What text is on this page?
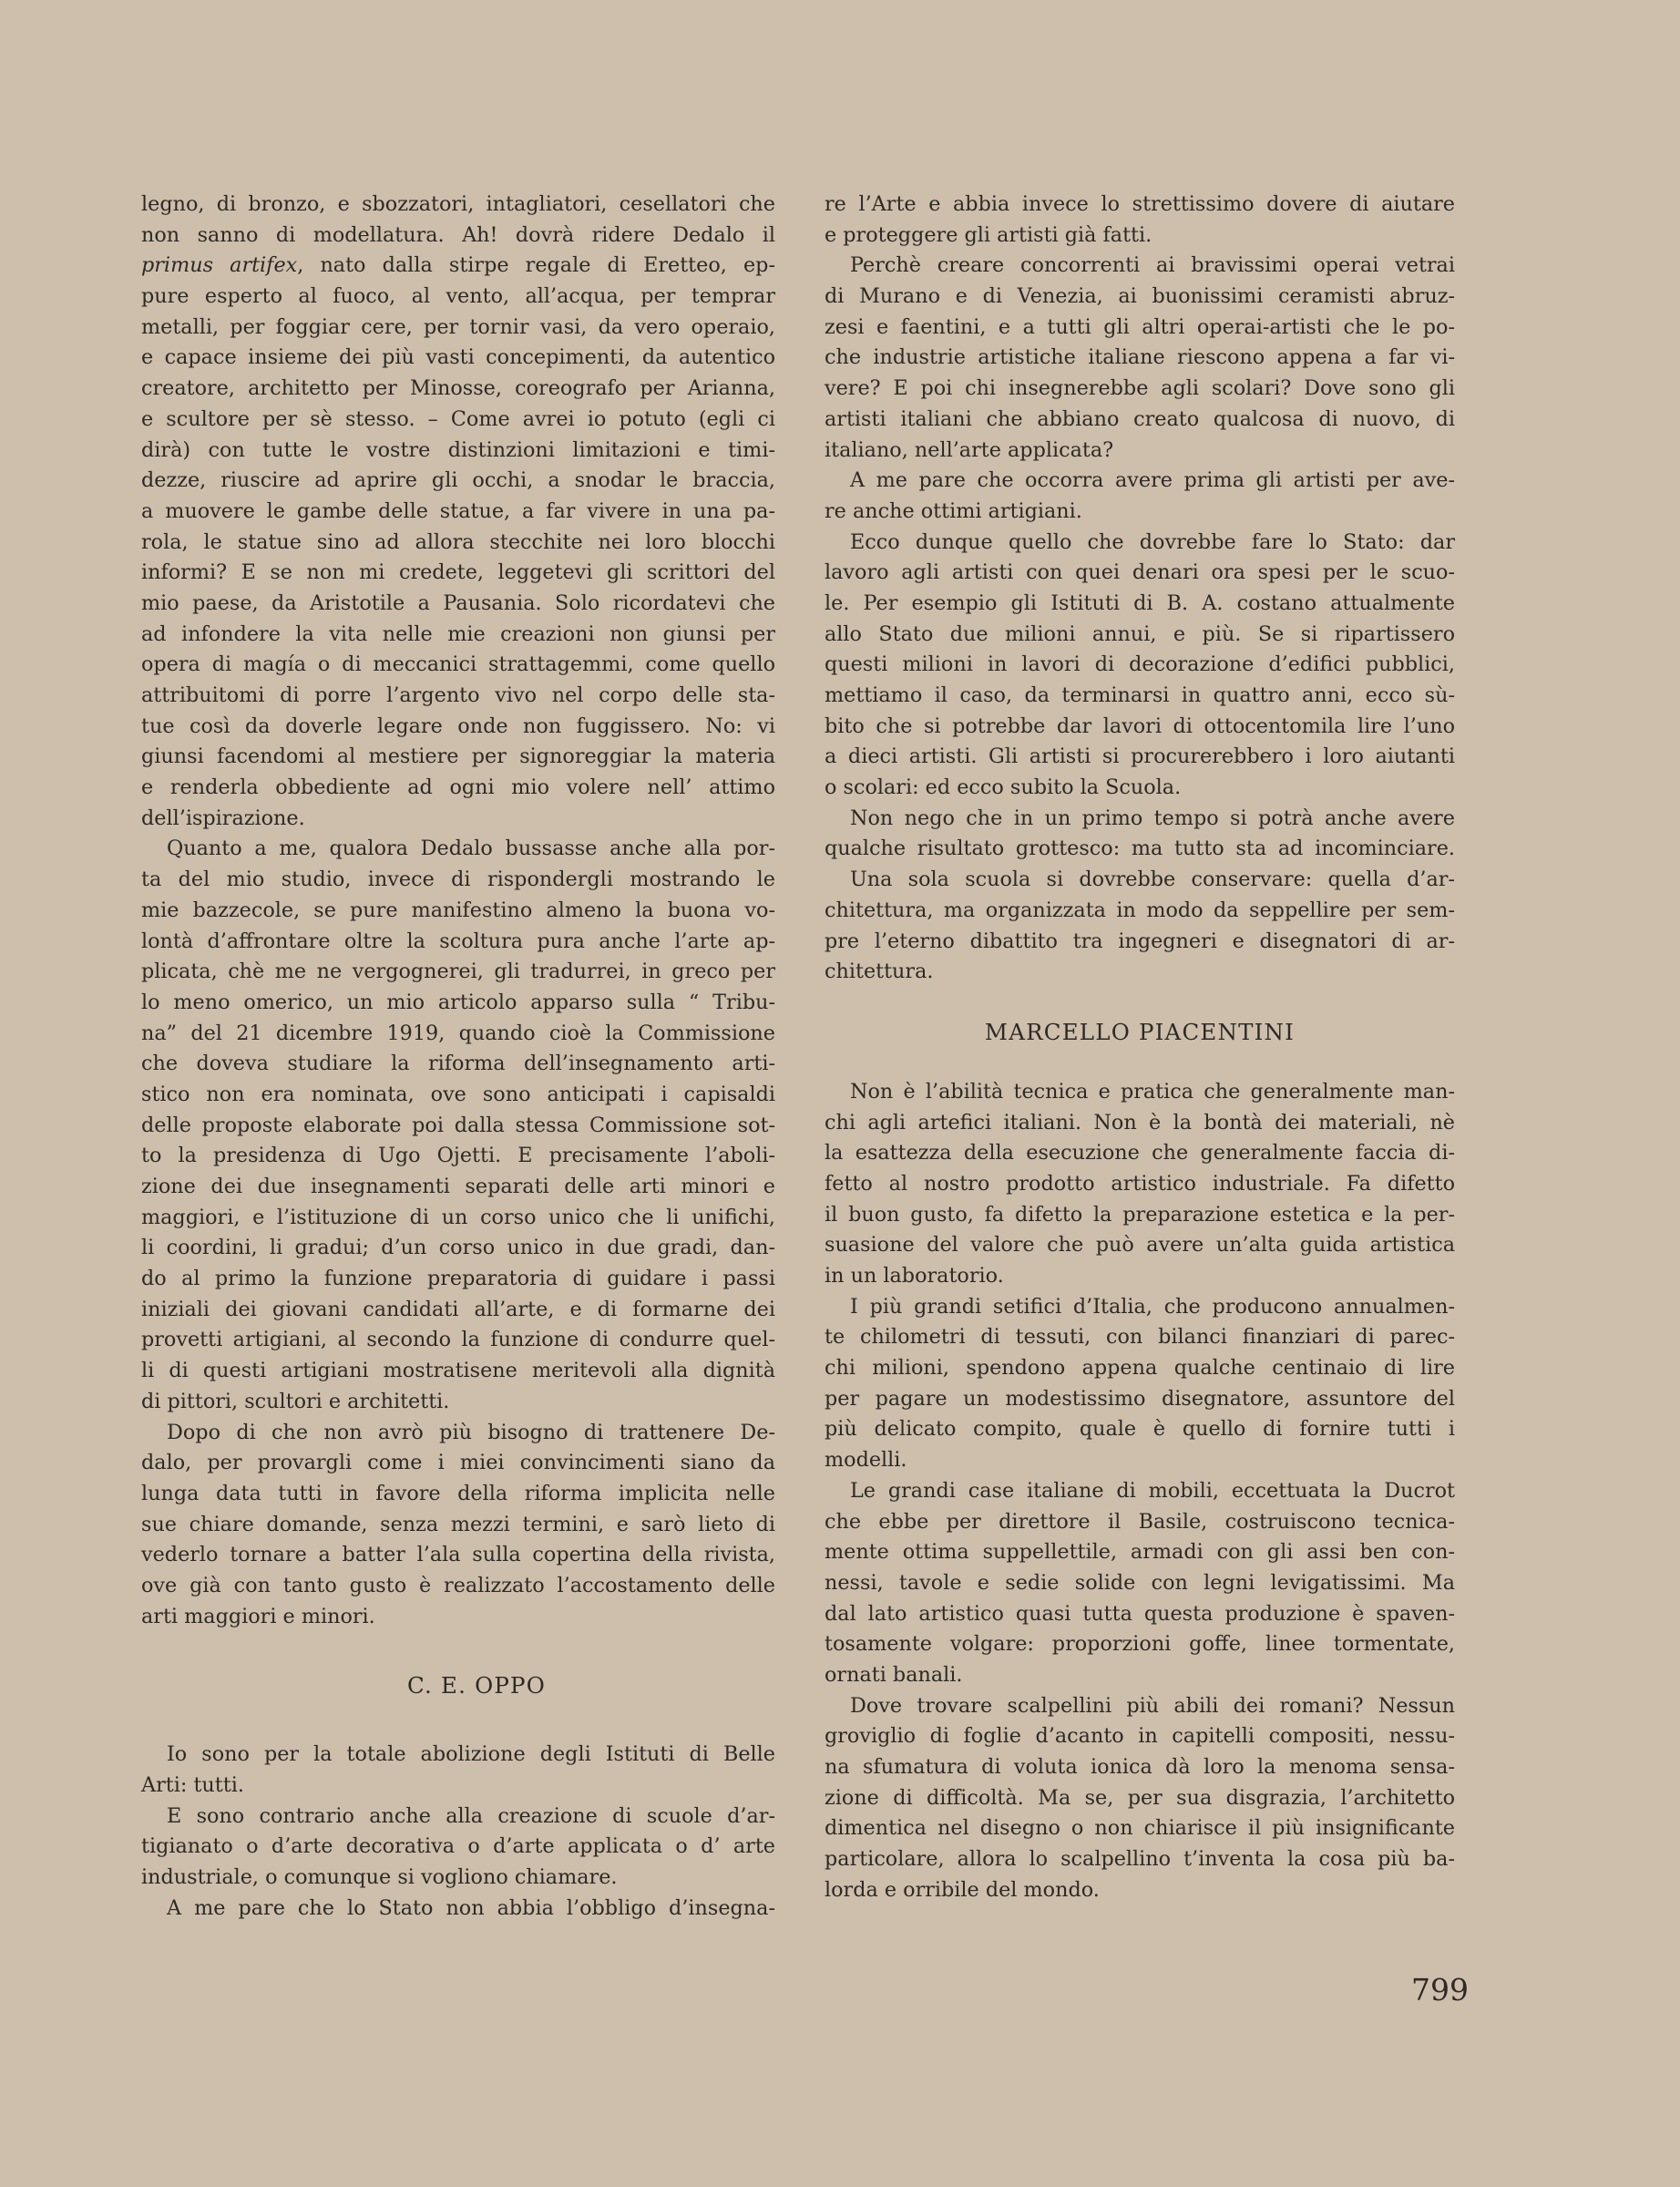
legno, di bronzo, e sbozzatori, intagliatori, cesellatori che
non sanno di modellatura. Ah! dovrà ridere Dedalo il
primus artifex, nato dalla stirpe regale di Eretteo, ep-
pure esperto al fuoco, al vento, all’acqua, per temprar
metalli, per foggiar cere, per tornir vasi, da vero operaio,
e capace insieme dei più vasti concepimenti, da autentico
creatore, architetto per Minosse, coreografo per Arianna,
e scultore per sè stesso. – Come avrei io potuto (egli ci
dirà) con tutte le vostre distinzioni limitazioni e timi-
dezze, riuscire ad aprire gli occhi, a snodar le braccia,
a muovere le gambe delle statue, a far vivere in una pa-
rola, le statue sino ad allora stecchite nei loro blocchi
informi? E se non mi credete, leggetevi gli scrittori del
mio paese, da Aristotile a Pausania. Solo ricordatevi che
ad infondere la vita nelle mie creazioni non giunsi per
opera di magía o di meccanici strattagemmi, come quello
attribuitomi di porre l’argento vivo nel corpo delle sta-
tue così da doverle legare onde non fuggissero. No: vi
giunsi facendomi al mestiere per signoreggiar la materia
e renderla obbediente ad ogni mio volere nell’ attimo
dell’ispirazione.
Quanto a me, qualora Dedalo bussasse anche alla por-
ta del mio studio, invece di rispondergli mostrando le
mie bazzecole, se pure manifestino almeno la buona vo-
lontà d’affrontare oltre la scoltura pura anche l’arte ap-
plicata, chè me ne vergognerei, gli tradurrei, in greco per
lo meno omerico, un mio articolo apparso sulla “ Tribu-
na” del 21 dicembre 1919, quando cioè la Commissione
che doveva studiare la riforma dell’insegnamento arti-
stico non era nominata, ove sono anticipati i capisaldi
delle proposte elaborate poi dalla stessa Commissione sot-
to la presidenza di Ugo Ojetti. E precisamente l’aboli-
zione dei due insegnamenti separati delle arti minori e
maggiori, e l’istituzione di un corso unico che li unifichi,
li coordini, li gradui; d’un corso unico in due gradi, dan-
do al primo la funzione preparatoria di guidare i passi
iniziali dei giovani candidati all’arte, e di formarne dei
provetti artigiani, al secondo la funzione di condurre quel-
li di questi artigiani mostratisene meritevoli alla dignità
di pittori, scultori e architetti.
Dopo di che non avrò più bisogno di trattenere De-
dalo, per provargli come i miei convincimenti siano da
lunga data tutti in favore della riforma implicita nelle
sue chiare domande, senza mezzi termini, e sarò lieto di
vederlo tornare a batter l’ala sulla copertina della rivista,
ove già con tanto gusto è realizzato l’accostamento delle
arti maggiori e minori.
C. E. OPPO
Io sono per la totale abolizione degli Istituti di Belle
Arti: tutti.
E sono contrario anche alla creazione di scuole d’ar-
tigianato o d’arte decorativa o d’arte applicata o d’ arte
industriale, o comunque si vogliono chiamare.
A me pare che lo Stato non abbia l’obbligo d’insegna-
re l’Arte e abbia invece lo strettissimo dovere di aiutare
e proteggere gli artisti già fatti.
Perchè creare concorrenti ai bravissimi operai vetrai
di Murano e di Venezia, ai buonissimi ceramisti abruz-
zesi e faentini, e a tutti gli altri operai-artisti che le po-
che industrie artistiche italiane riescono appena a far vi-
vere? E poi chi insegnerebbe agli scolari? Dove sono gli
artisti italiani che abbiano creato qualcosa di nuovo, di
italiano, nell’arte applicata?
A me pare che occorra avere prima gli artisti per ave-
re anche ottimi artigiani.
Ecco dunque quello che dovrebbe fare lo Stato: dar
lavoro agli artisti con quei denari ora spesi per le scuo-
le. Per esempio gli Istituti di B. A. costano attualmente
allo Stato due milioni annui, e più. Se si ripartissero
questi milioni in lavori di decorazione d’edifici pubblici,
mettiamo il caso, da terminarsi in quattro anni, ecco sù-
bito che si potrebbe dar lavori di ottocentomila lire l’uno
a dieci artisti. Gli artisti si procurerebbero i loro aiutanti
o scolari: ed ecco subito la Scuola.
Non nego che in un primo tempo si potrà anche avere
qualche risultato grottesco: ma tutto sta ad incominciare.
Una sola scuola si dovrebbe conservare: quella d’ar-
chitettura, ma organizzata in modo da seppellire per sem-
pre l’eterno dibattito tra ingegneri e disegnatori di ar-
chitettura.
MARCELLO PIACENTINI
Non è l’abilità tecnica e pratica che generalmente man-
chi agli artefici italiani. Non è la bontà dei materiali, nè
la esattezza della esecuzione che generalmente faccia di-
fetto al nostro prodotto artistico industriale. Fa difetto
il buon gusto, fa difetto la preparazione estetica e la per-
suasione del valore che può avere un’alta guida artistica
in un laboratorio.
I più grandi setifici d’Italia, che producono annualmen-
te chilometri di tessuti, con bilanci finanziari di parec-
chi milioni, spendono appena qualche centinaio di lire
per pagare un modestissimo disegnatore, assuntore del
più delicato compito, quale è quello di fornire tutti i
modelli.
Le grandi case italiane di mobili, eccettuata la Ducrot
che ebbe per direttore il Basile, costruiscono tecnica-
mente ottima suppellettile, armadi con gli assi ben con-
nessi, tavole e sedie solide con legni levigatissimi. Ma
dal lato artistico quasi tutta questa produzione è spaven-
tosamente volgare: proporzioni goffe, linee tormentate,
ornati banali.
Dove trovare scalpellini più abili dei romani? Nessun
groviglio di foglie d’acanto in capitelli compositi, nessu-
na sfumatura di voluta ionica dà loro la menoma sensa-
zione di difficoltà. Ma se, per sua disgrazia, l’architetto
dimentica nel disegno o non chiarisce il più insignificante
particolare, allora lo scalpellino t’inventa la cosa più ba-
lorda e orribile del mondo.
799
